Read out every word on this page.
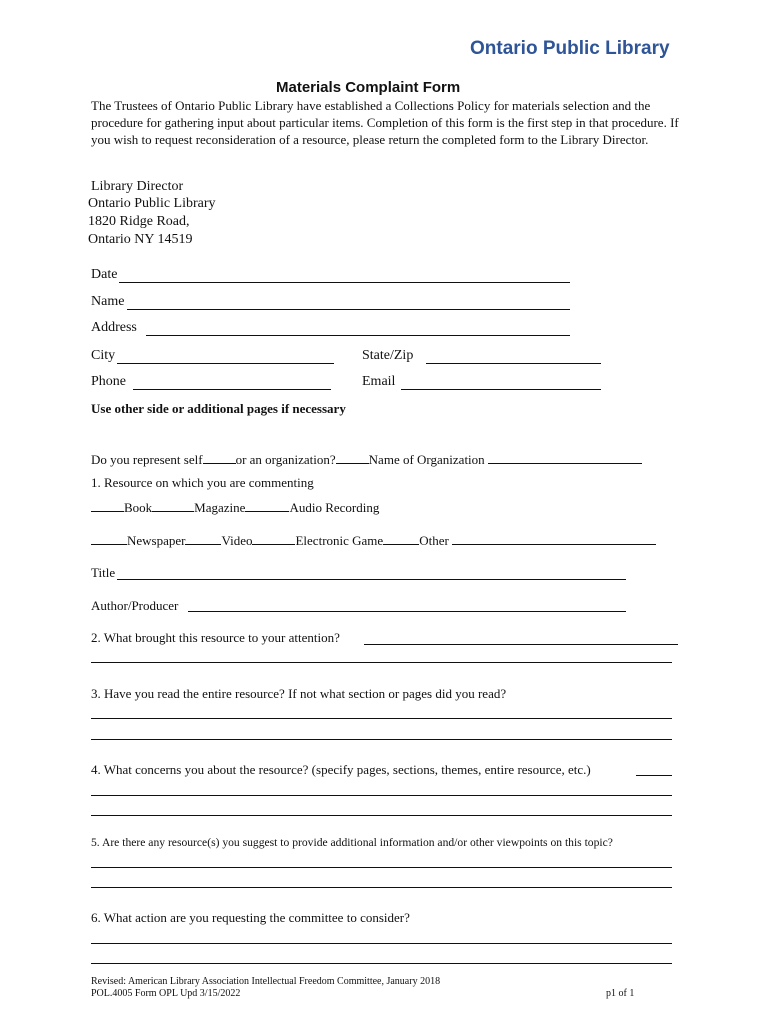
Ontario Public Library
Materials Complaint Form
The Trustees of Ontario Public Library have established a Collections Policy for materials selection and the procedure for gathering input about particular items. Completion of this form is the first step in that procedure. If you wish to request reconsideration of a resource, please return the completed form to the Library Director.
Library Director
Ontario Public Library
1820 Ridge Road,
Ontario NY 14519
Date
Name
Address
City	State/Zip
Phone	Email
Use other side or additional pages if necessary
Do you represent self	or an organization?	Name of Organization
1. Resource on which you are commenting
Book	Magazine	Audio Recording
Newspaper	Video	Electronic Game	Other
Title
Author/Producer
2. What brought this resource to your attention?
3. Have you read the entire resource? If not what section or pages did you read?
4. What concerns you about the resource? (specify pages, sections, themes, entire resource, etc.)
5. Are there any resource(s) you suggest to provide additional information and/or other viewpoints on this topic?
6. What action are you requesting the committee to consider?
Revised: American Library Association Intellectual Freedom Committee, January 2018
POL.4005 Form OPL Upd 3/15/2022	p1 of 1
